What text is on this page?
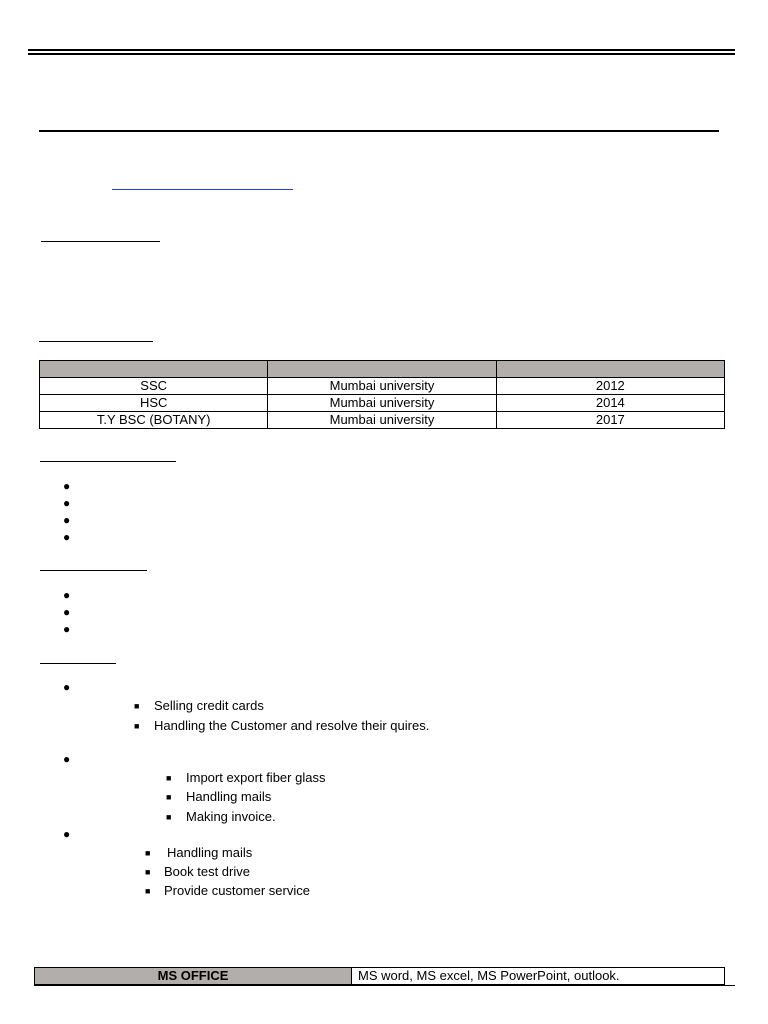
SSC	Mumbai university	2012
HSC	Mumbai university	2014
T.Y BSC (BOTANY)	Mumbai university	2017
●
●
●
●
●
●
●
●
■ Selling credit cards
■ Handling the Customer and resolve their quires.
●
■ Import export fiber glass
■ Handling mails
■ Making invoice.
●
■ Handling mails
■ Book test drive
■ Provide customer service
MS OFFICE	MS word, MS excel, MS PowerPoint, outlook.
